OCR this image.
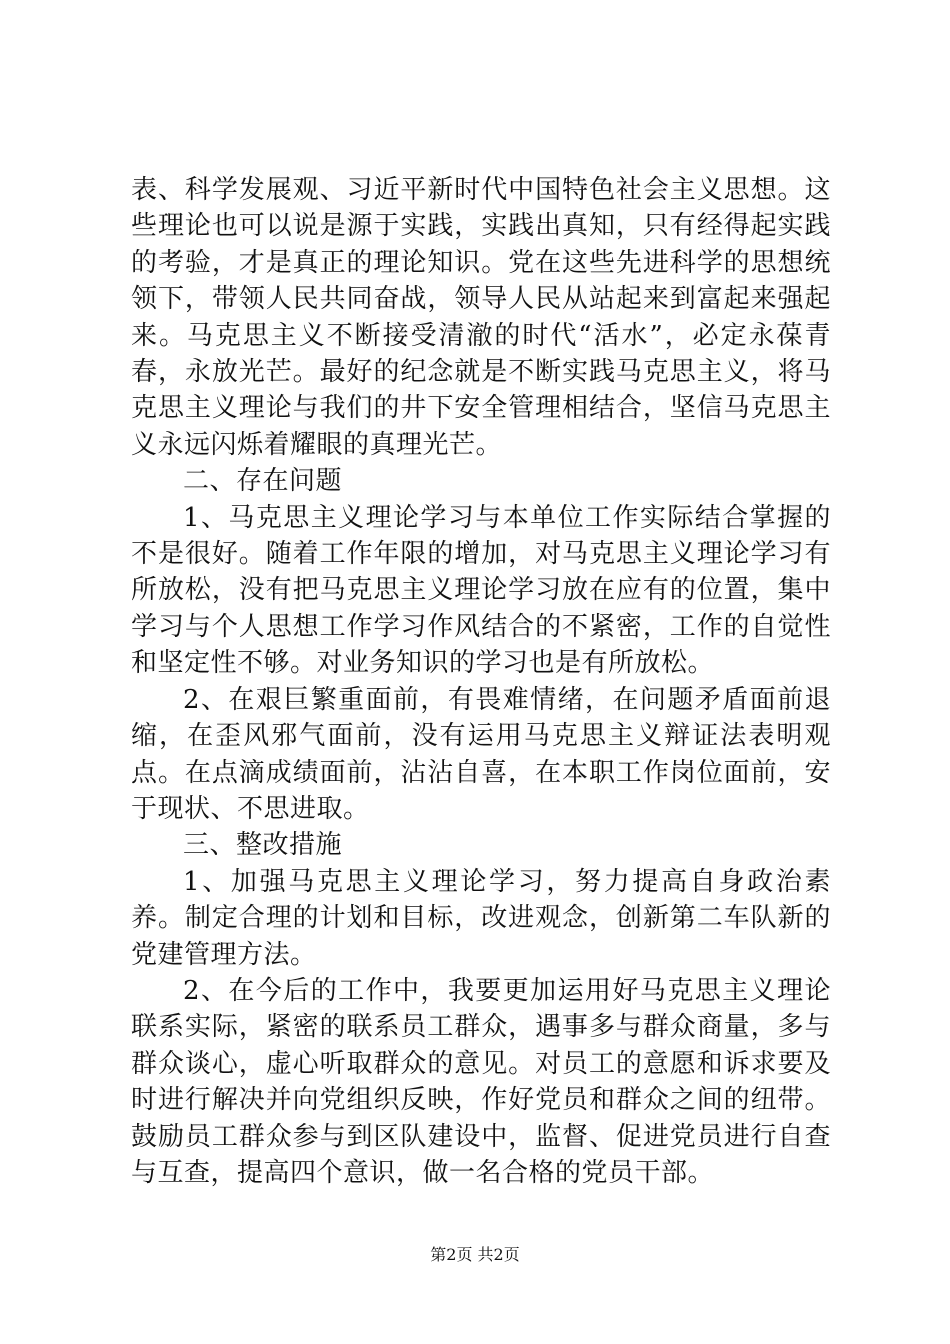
表、科学发展观、习近平新时代中国特色社会主义思想。这些理论也可以说是源于实践，实践出真知，只有经得起实践的考验，才是真正的理论知识。党在这些先进科学的思想统领下，带领人民共同奋战，领导人民从站起来到富起来强起来。马克思主义不断接受清澈的时代“活水”，必定永葆青春，永放光芒。最好的纪念就是不断实践马克思主义，将马克思主义理论与我们的井下安全管理相结合，坚信马克思主义永远闪烁着耀眼的真理光芒。

二、存在问题

1、马克思主义理论学习与本单位工作实际结合掌握的不是很好。随着工作年限的增加，对马克思主义理论学习有所放松，没有把马克思主义理论学习放在应有的位置，集中学习与个人思想工作学习作风结合的不紧密，工作的自觉性和坚定性不够。对业务知识的学习也是有所放松。

2、在艰巨繁重面前，有畏难情绪，在问题矛盾面前退缩，在歪风邪气面前，没有运用马克思主义辩证法表明观点。在点滴成绩面前，沾沾自喜，在本职工作岗位面前，安于现状、不思进取。

三、整改措施

1、加强马克思主义理论学习，努力提高自身政治素养。制定合理的计划和目标，改进观念，创新第二车队新的党建管理方法。

2、在今后的工作中，我要更加运用好马克思主义理论联系实际，紧密的联系员工群众，遇事多与群众商量，多与群众谈心，虚心听取群众的意见。对员工的意愿和诉求要及时进行解决并向党组织反映，作好党员和群众之间的纽带。鼓励员工群众参与到区队建设中，监督、促进党员进行自查与互查，提高四个意识，做一名合格的党员干部。

第2页 共2页
